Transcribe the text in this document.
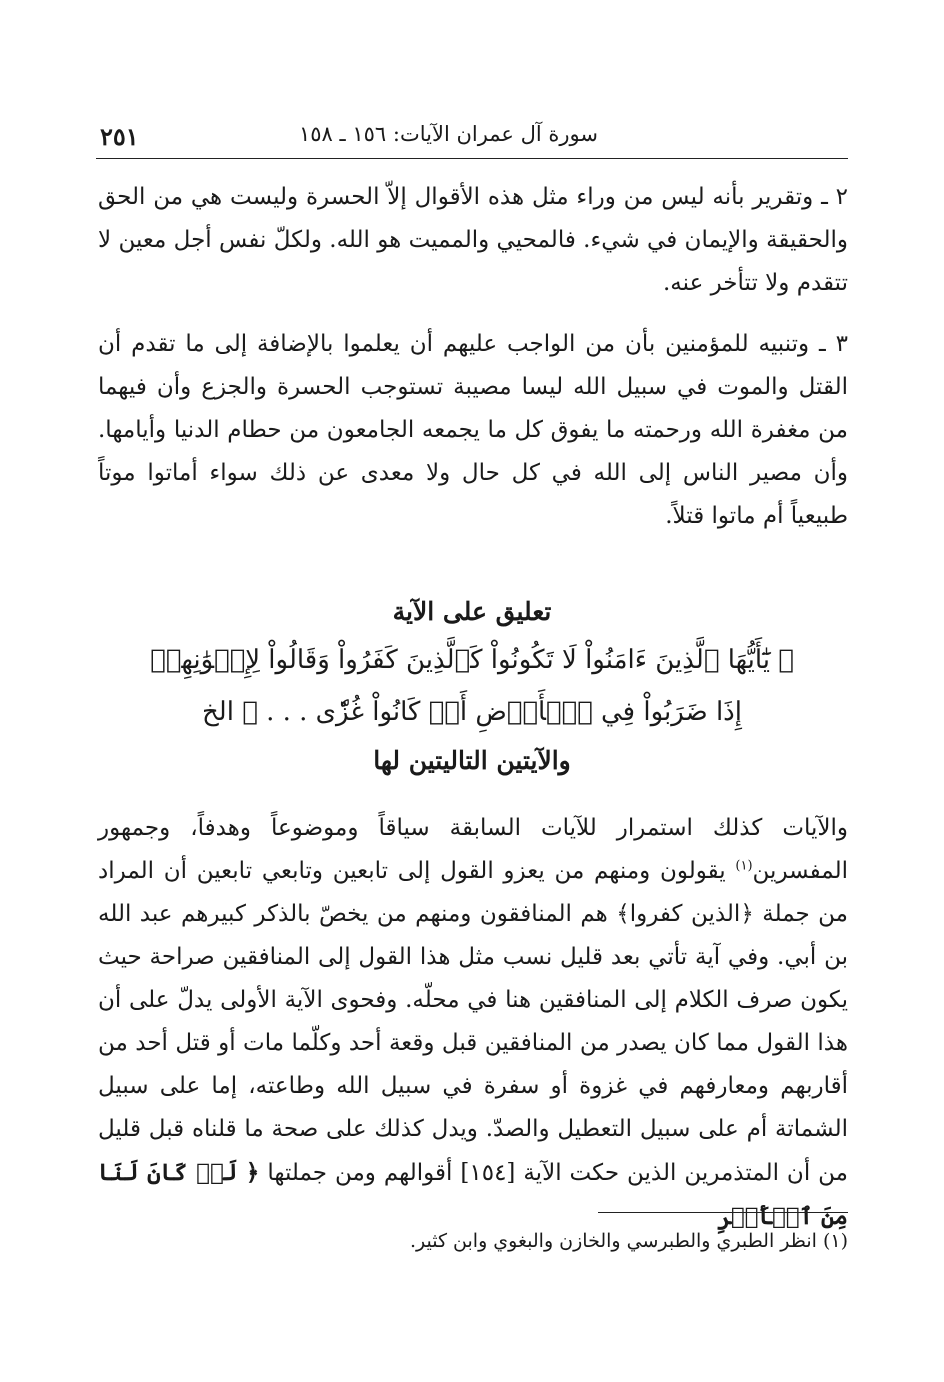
سورة آل عمران الآيات: ١٥٦ ـ ١٥٨
٢٥١

٢ ـ وتقرير بأنه ليس من وراء مثل هذه الأقوال إلاّ الحسرة وليست هي من الحق والحقيقة والإيمان في شيء. فالمحيي والمميت هو الله. ولكلّ نفس أجل معين لا تتقدم ولا تتأخر عنه.

٣ ـ وتنبيه للمؤمنين بأن من الواجب عليهم أن يعلموا بالإضافة إلى ما تقدم أن القتل والموت في سبيل الله ليسا مصيبة تستوجب الحسرة والجزع وأن فيهما من مغفرة الله ورحمته ما يفوق كل ما يجمعه الجامعون من حطام الدنيا وأيامها. وأن مصير الناس إلى الله في كل حال ولا معدى عن ذلك سواء أماتوا موتاً طبيعياً أم ماتوا قتلاً.

تعليق على الآية
﴿ يَٰٓأَيُّهَا ٱلَّذِينَ ءَامَنُواْ لَا تَكُونُواْ كَٱلَّذِينَ كَفَرُواْ وَقَالُواْ لِإِخۡوَٰنِهِمۡ
إِذَا ضَرَبُواْ فِي ٱلۡأَرۡضِ أَوۡ كَانُواْ غُزّٗى . . . ﴾ الخ
والآيتين التاليتين لها

والآيات كذلك استمرار للآيات السابقة سياقاً وموضوعاً وهدفاً، وجمهور المفسرين$^{(١)}$ يقولون ومنهم من يعزو القول إلى تابعين وتابعي تابعين أن المراد من جملة ﴿الذين كفروا﴾ هم المنافقون ومنهم من يخصّ بالذكر كبيرهم عبد الله بن أبي. وفي آية تأتي بعد قليل نسب مثل هذا القول إلى المنافقين صراحة حيث يكون صرف الكلام إلى المنافقين هنا في محلّه. وفحوى الآية الأولى يدلّ على أن هذا القول مما كان يصدر من المنافقين قبل وقعة أحد وكلّما مات أو قتل أحد من أقاربهم ومعارفهم في غزوة أو سفرة في سبيل الله وطاعته، إما على سبيل الشماتة أم على سبيل التعطيل والصدّ. ويدل كذلك على صحة ما قلناه قبل قليل من أن المتذمرين الذين حكت الآية [١٥٤] أقوالهم ومن جملتها ﴿ لَوۡ كَانَ لَنَا مِنَ ٱلۡأَمۡرِ

(١) انظر الطبري والطبرسي والخازن والبغوي وابن كثير.
